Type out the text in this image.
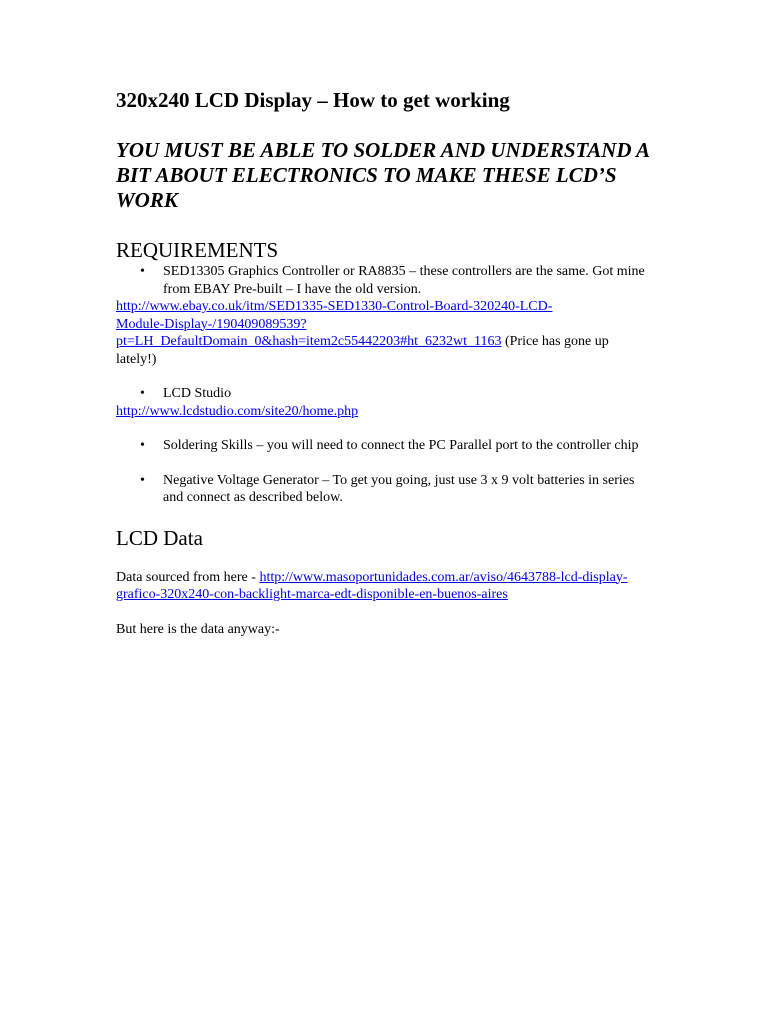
320x240 LCD Display – How to get working

YOU MUST BE ABLE TO SOLDER AND UNDERSTAND A BIT ABOUT ELECTRONICS TO MAKE THESE LCD’S WORK

REQUIREMENTS
•	SED13305 Graphics Controller or RA8835 – these controllers are the same. Got mine from EBAY Pre-built – I have the old version.
http://www.ebay.co.uk/itm/SED1335-SED1330-Control-Board-320240-LCD-
Module-Display-/190409089539?
pt=LH_DefaultDomain_0&hash=item2c55442203#ht_6232wt_1163 (Price has gone up lately!)
•	LCD Studio
http://www.lcdstudio.com/site20/home.php
•	Soldering Skills – you will need to connect the PC Parallel port to the controller chip
•	Negative Voltage Generator – To get you going, just use 3 x 9 volt batteries in series and connect as described below.
LCD Data

Data sourced from here - http://www.masoportunidades.com.ar/aviso/4643788-lcd-display-grafico-320x240-con-backlight-marca-edt-disponible-en-buenos-aires

But here is the data anyway:-
